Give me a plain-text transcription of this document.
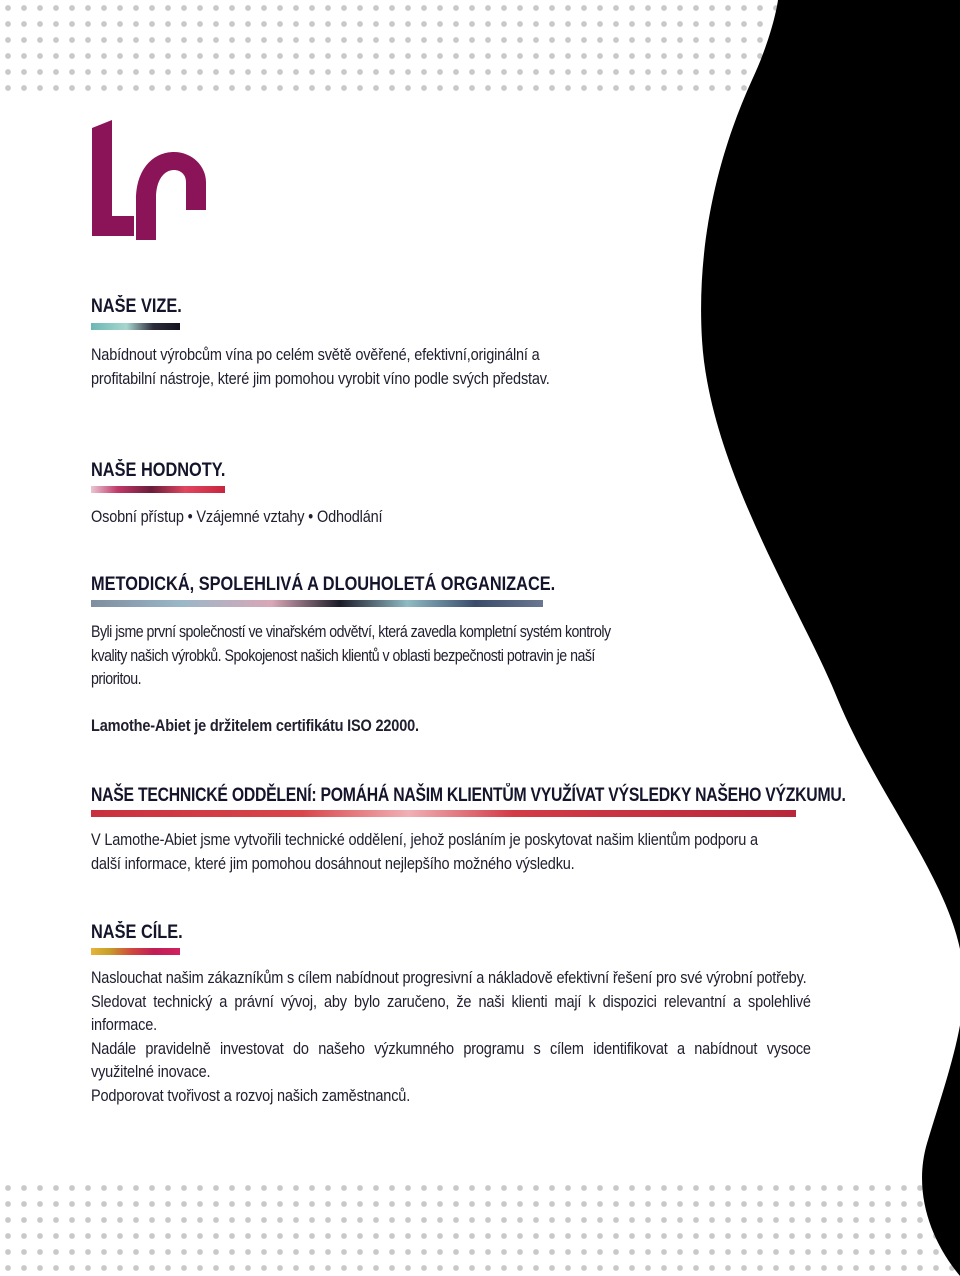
NAŠE VIZE.
Nabídnout výrobcům vína po celém světě ověřené, efektivní,originální a profitabilní nástroje, které jim pomohou vyrobit víno podle svých představ.
NAŠE HODNOTY.
Osobní přístup • Vzájemné vztahy • Odhodlání
METODICKÁ, SPOLEHLIVÁ A DLOUHOLETÁ ORGANIZACE.
Byli jsme první společností ve vinařském odvětví, která zavedla kompletní systém kontroly kvality našich výrobků. Spokojenost našich klientů v oblasti bezpečnosti potravin je naší prioritou.
Lamothe-Abiet je držitelem certifikátu ISO 22000.
NAŠE TECHNICKÉ ODDĚLENÍ: POMÁHÁ NAŠIM KLIENTŮM VYUŽÍVAT VÝSLEDKY NAŠEHO VÝZKUMU.
V Lamothe-Abiet jsme vytvořili technické oddělení, jehož posláním je poskytovat našim klientům podporu a další informace, které jim pomohou dosáhnout nejlepšího možného výsledku.
NAŠE CÍLE.

Naslouchat našim zákazníkům s cílem nabídnout progresivní a nákladově efektivní řešení pro své výrobní potřeby.

Sledovat technický a právní vývoj, aby bylo zaručeno, že naši klienti mají k dispozici relevantní a spolehlivé informace.

Nadále pravidelně investovat do našeho výzkumného programu s cílem identifikovat a nabídnout vysoce využitelné inovace.

Podporovat tvořivost a rozvoj našich zaměstnanců.
